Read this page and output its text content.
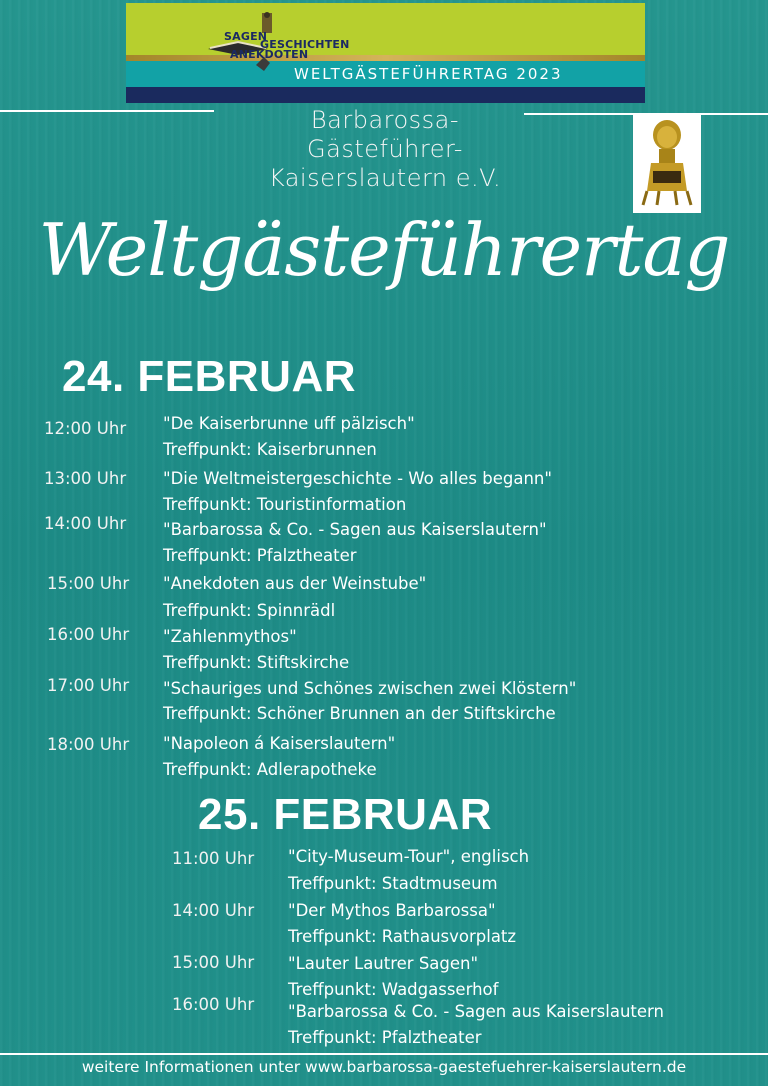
SAGEN
GESCHICHTEN
ANEKDOTEN
WELTGÄSTEFÜHRERTAG 2023
Barbarossa-
Gästeführer-
Kaiserslautern e.V.
Weltgästeführertag
24. FEBRUAR
12:00 Uhr "De Kaiserbrunne uff pälzisch"
Treffpunkt: Kaiserbrunnen
13:00 Uhr "Die Weltmeistergeschichte - Wo alles begann"
Treffpunkt: Touristinformation
14:00 Uhr "Barbarossa & Co. - Sagen aus Kaiserslautern"
Treffpunkt: Pfalztheater
15:00 Uhr "Anekdoten aus der Weinstube"
Treffpunkt: Spinnrädl
16:00 Uhr "Zahlenmythos"
Treffpunkt: Stiftskirche
17:00 Uhr "Schauriges und Schönes zwischen zwei Klöstern"
Treffpunkt: Schöner Brunnen an der Stiftskirche
18:00 Uhr "Napoleon á Kaiserslautern"
Treffpunkt: Adlerapotheke
25. FEBRUAR
11:00 Uhr "City-Museum-Tour", englisch
Treffpunkt: Stadtmuseum
14:00 Uhr "Der Mythos Barbarossa"
Treffpunkt: Rathausvorplatz
15:00 Uhr "Lauter Lautrer Sagen"
Treffpunkt: Wadgasserhof
16:00 Uhr "Barbarossa & Co. - Sagen aus Kaiserslautern
Treffpunkt: Pfalztheater
weitere Informationen unter www.barbarossa-gaestefuehrer-kaiserslautern.de
